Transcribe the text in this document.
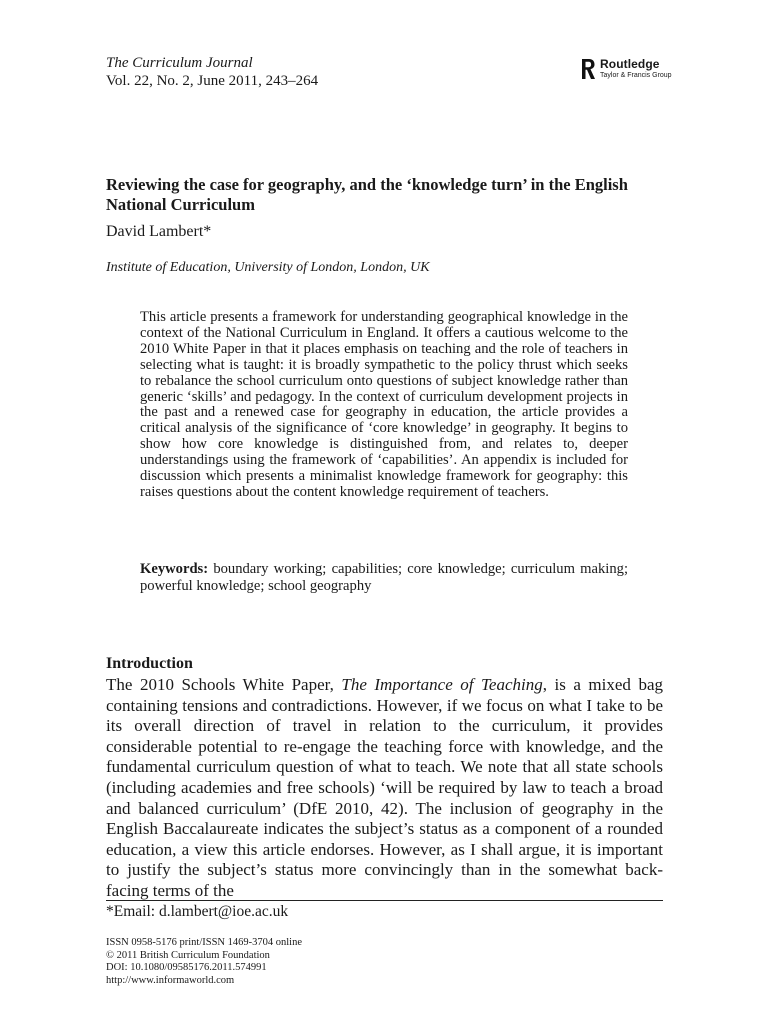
The Curriculum Journal
Vol. 22, No. 2, June 2011, 243–264
Routledge
Taylor & Francis Group
Reviewing the case for geography, and the ‘knowledge turn’ in the English National Curriculum
David Lambert*
Institute of Education, University of London, London, UK
This article presents a framework for understanding geographical knowledge in the context of the National Curriculum in England. It offers a cautious welcome to the 2010 White Paper in that it places emphasis on teaching and the role of teachers in selecting what is taught: it is broadly sympathetic to the policy thrust which seeks to rebalance the school curriculum onto questions of subject knowledge rather than generic ‘skills’ and pedagogy. In the context of curriculum development projects in the past and a renewed case for geography in education, the article provides a critical analysis of the significance of ‘core knowledge’ in geography. It begins to show how core knowledge is distinguished from, and relates to, deeper understandings using the framework of ‘capabilities’. An appendix is included for discussion which presents a minimalist knowledge framework for geography: this raises questions about the content knowledge requirement of teachers.
Keywords: boundary working; capabilities; core knowledge; curriculum making; powerful knowledge; school geography
Introduction
The 2010 Schools White Paper, The Importance of Teaching, is a mixed bag containing tensions and contradictions. However, if we focus on what I take to be its overall direction of travel in relation to the curriculum, it provides considerable potential to re-engage the teaching force with knowledge, and the fundamental curriculum question of what to teach. We note that all state schools (including academies and free schools) ‘will be required by law to teach a broad and balanced curriculum’ (DfE 2010, 42). The inclusion of geography in the English Baccalaureate indicates the subject’s status as a component of a rounded education, a view this article endorses. However, as I shall argue, it is important to justify the subject’s status more convincingly than in the somewhat back-facing terms of the
*Email: d.lambert@ioe.ac.uk
ISSN 0958-5176 print/ISSN 1469-3704 online
© 2011 British Curriculum Foundation
DOI: 10.1080/09585176.2011.574991
http://www.informaworld.com
